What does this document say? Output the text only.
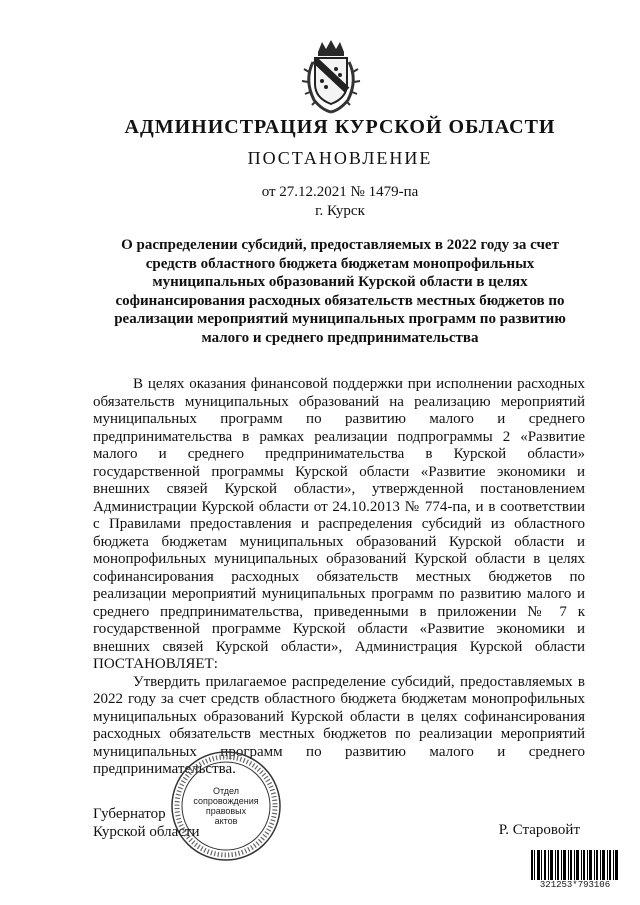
АДМИНИСТРАЦИЯ КУРСКОЙ ОБЛАСТИ
ПОСТАНОВЛЕНИЕ
от 27.12.2021 № 1479-па
г. Курск
О распределении субсидий, предоставляемых в 2022 году за счет средств областного бюджета бюджетам монопрофильных муниципальных образований Курской области в целях софинансирования расходных обязательств местных бюджетов по реализации мероприятий муниципальных программ по развитию малого и среднего предпринимательства

В целях оказания финансовой поддержки при исполнении расходных обязательств муниципальных образований на реализацию мероприятий муниципальных программ по развитию малого и среднего предпринимательства в рамках реализации подпрограммы 2 «Развитие малого и среднего предпринимательства в Курской области» государственной программы Курской области «Развитие экономики и внешних связей Курской области», утвержденной постановлением Администрации Курской области от 24.10.2013 № 774-па, и в соответствии с Правилами предоставления и распределения субсидий из областного бюджета бюджетам муниципальных образований Курской области и монопрофильных муниципальных образований Курской области в целях софинансирования расходных обязательств местных бюджетов по реализации мероприятий муниципальных программ по развитию малого и среднего предпринимательства, приведенными в приложении № 7 к государственной программе Курской области «Развитие экономики и внешних связей Курской области», Администрация Курской области ПОСТАНОВЛЯЕТ:

Утвердить прилагаемое распределение субсидий, предоставляемых в 2022 году за счет средств областного бюджета бюджетам монопрофильных муниципальных образований Курской области в целях софинансирования расходных обязательств местных бюджетов по реализации мероприятий муниципальных программ по развитию малого и среднего предпринимательства.

Отдел
сопровождения
правовых
актов
Губернатор
Курской области	Р. Старовойт
321253*793106
